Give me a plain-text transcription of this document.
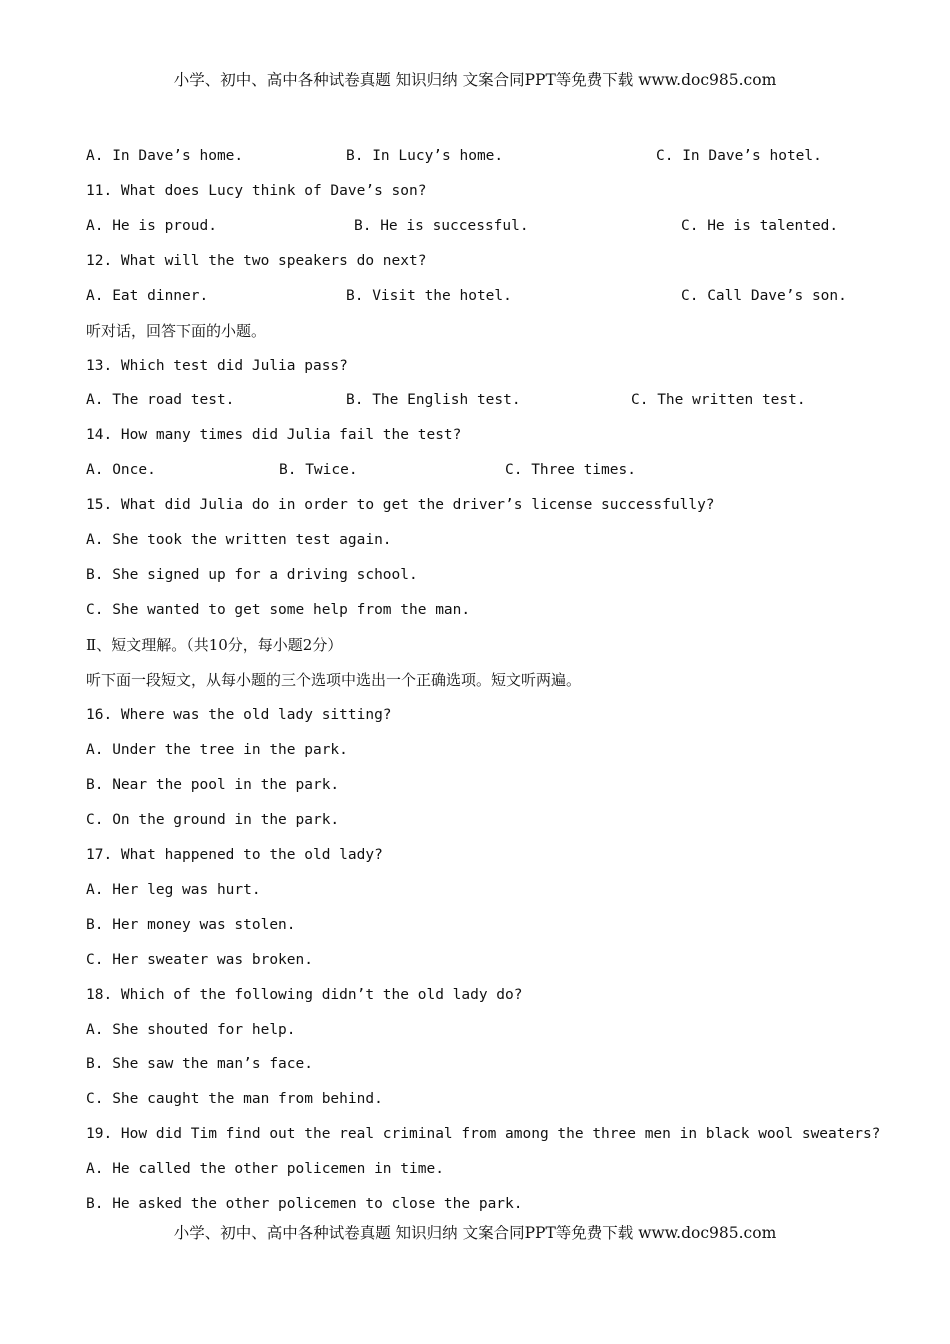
小学、初中、高中各种试卷真题 知识归纳 文案合同PPT等免费下载 www.doc985.com
A. In Dave’s home.	B. In Lucy’s home.	C. In Dave’s hotel.
11. What does Lucy think of Dave’s son?
A. He is proud.	B. He is successful.	C. He is talented.
12. What will the two speakers do next?
A. Eat dinner.	B. Visit the hotel.	C. Call Dave’s son.
听对话，回答下面的小题。
13. Which test did Julia pass?
A. The road test.	B. The English test.	C. The written test.
14. How many times did Julia fail the test?
A. Once.	B. Twice.	C. Three times.
15. What did Julia do in order to get the driver’s license successfully?
A. She took the written test again.
B. She signed up for a driving school.
C. She wanted to get some help from the man.
Ⅱ、短文理解。（共10分，每小题2分）
听下面一段短文，从每小题的三个选项中选出一个正确选项。短文听两遍。
16. Where was the old lady sitting?
A. Under the tree in the park.
B. Near the pool in the park.
C. On the ground in the park.
17. What happened to the old lady?
A. Her leg was hurt.
B. Her money was stolen.
C. Her sweater was broken.
18. Which of the following didn’t the old lady do?
A. She shouted for help.
B. She saw the man’s face.
C. She caught the man from behind.
19. How did Tim find out the real criminal from among the three men in black wool sweaters?
A. He called the other policemen in time.
B. He asked the other policemen to close the park.
小学、初中、高中各种试卷真题 知识归纳 文案合同PPT等免费下载 www.doc985.com
